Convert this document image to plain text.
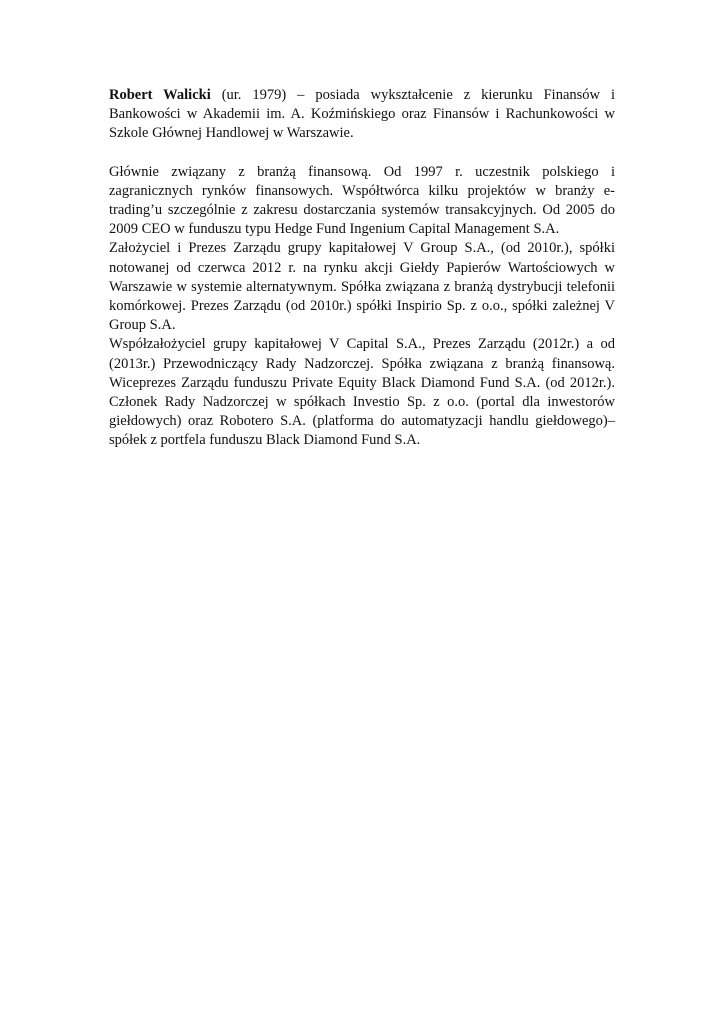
Robert Walicki (ur. 1979) – posiada wykształcenie z kierunku Finansów i Bankowości w Akademii im. A. Koźmińskiego oraz Finansów i Rachunkowości w Szkole Głównej Handlowej w Warszawie.

Głównie związany z branżą finansową. Od 1997 r. uczestnik polskiego i zagranicznych rynków finansowych. Współtwórca kilku projektów w branży e-trading’u szczególnie z zakresu dostarczania systemów transakcyjnych. Od 2005 do 2009 CEO w funduszu typu Hedge Fund Ingenium Capital Management S.A.

Założyciel i Prezes Zarządu grupy kapitałowej V Group S.A., (od 2010r.), spółki notowanej od czerwca 2012 r. na rynku akcji Giełdy Papierów Wartościowych w Warszawie w systemie alternatywnym. Spółka związana z branżą dystrybucji telefonii komórkowej. Prezes Zarządu (od 2010r.) spółki Inspirio Sp. z o.o., spółki zależnej V Group S.A.

Współzałożyciel grupy kapitałowej V Capital S.A., Prezes Zarządu (2012r.) a od (2013r.) Przewodniczący Rady Nadzorczej. Spółka związana z branżą finansową. Wiceprezes Zarządu funduszu Private Equity Black Diamond Fund S.A. (od 2012r.). Członek Rady Nadzorczej w spółkach Investio Sp. z o.o. (portal dla inwestorów giełdowych) oraz Robotero S.A. (platforma do automatyzacji handlu giełdowego)– spółek z portfela funduszu Black Diamond Fund S.A.
